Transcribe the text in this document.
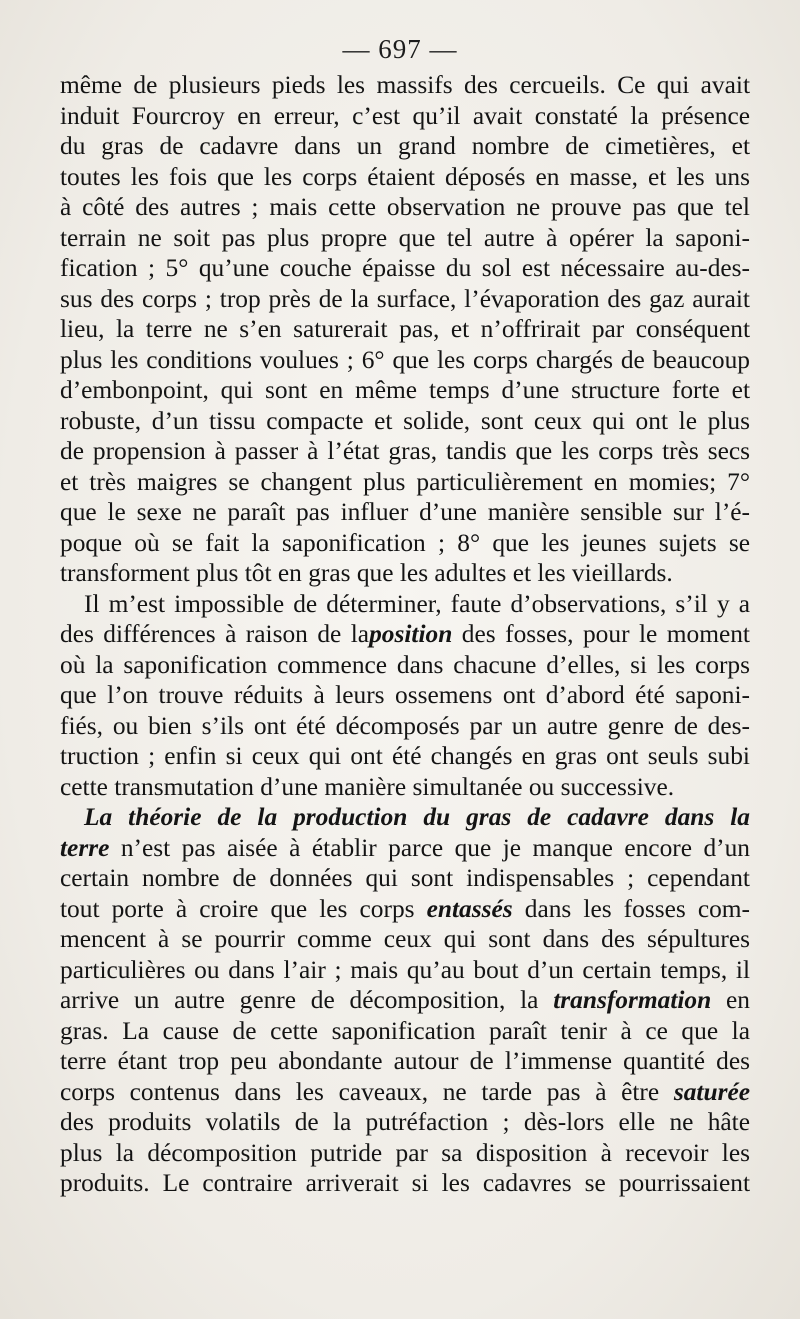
— 697 —
même de plusieurs pieds les massifs des cercueils. Ce qui avait
induit Fourcroy en erreur, c’est qu’il avait constaté la présence
du gras de cadavre dans un grand nombre de cimetières, et
toutes les fois que les corps étaient déposés en masse, et les uns
à côté des autres ; mais cette observation ne prouve pas que tel
terrain ne soit pas plus propre que tel autre à opérer la saponi-
fication ; 5° qu’une couche épaisse du sol est nécessaire au-des-
sus des corps ; trop près de la surface, l’évaporation des gaz aurait
lieu, la terre ne s’en saturerait pas, et n’offrirait par conséquent
plus les conditions voulues ; 6° que les corps chargés de beaucoup
d’embonpoint, qui sont en même temps d’une structure forte et
robuste, d’un tissu compacte et solide, sont ceux qui ont le plus
de propension à passer à l’état gras, tandis que les corps très secs
et très maigres se changent plus particulièrement en momies; 7°
que le sexe ne paraît pas influer d’une manière sensible sur l’é-
poque où se fait la saponification ; 8° que les jeunes sujets se
transforment plus tôt en gras que les adultes et les vieillards.
Il m’est impossible de déterminer, faute d’observations, s’il y a
des différences à raison de laposition des fosses, pour le moment
où la saponification commence dans chacune d’elles, si les corps
que l’on trouve réduits à leurs ossemens ont d’abord été saponi-
fiés, ou bien s’ils ont été décomposés par un autre genre de des-
truction ; enfin si ceux qui ont été changés en gras ont seuls subi
cette transmutation d’une manière simultanée ou successive.
La théorie de la production du gras de cadavre dans la
terre n’est pas aisée à établir parce que je manque encore d’un
certain nombre de données qui sont indispensables ; cependant
tout porte à croire que les corps entassés dans les fosses com-
mencent à se pourrir comme ceux qui sont dans des sépultures
particulières ou dans l’air ; mais qu’au bout d’un certain temps, il
arrive un autre genre de décomposition, la transformation en
gras. La cause de cette saponification paraît tenir à ce que la
terre étant trop peu abondante autour de l’immense quantité des
corps contenus dans les caveaux, ne tarde pas à être saturée
des produits volatils de la putréfaction ; dès-lors elle ne hâte
plus la décomposition putride par sa disposition à recevoir les
produits. Le contraire arriverait si les cadavres se pourrissaient
